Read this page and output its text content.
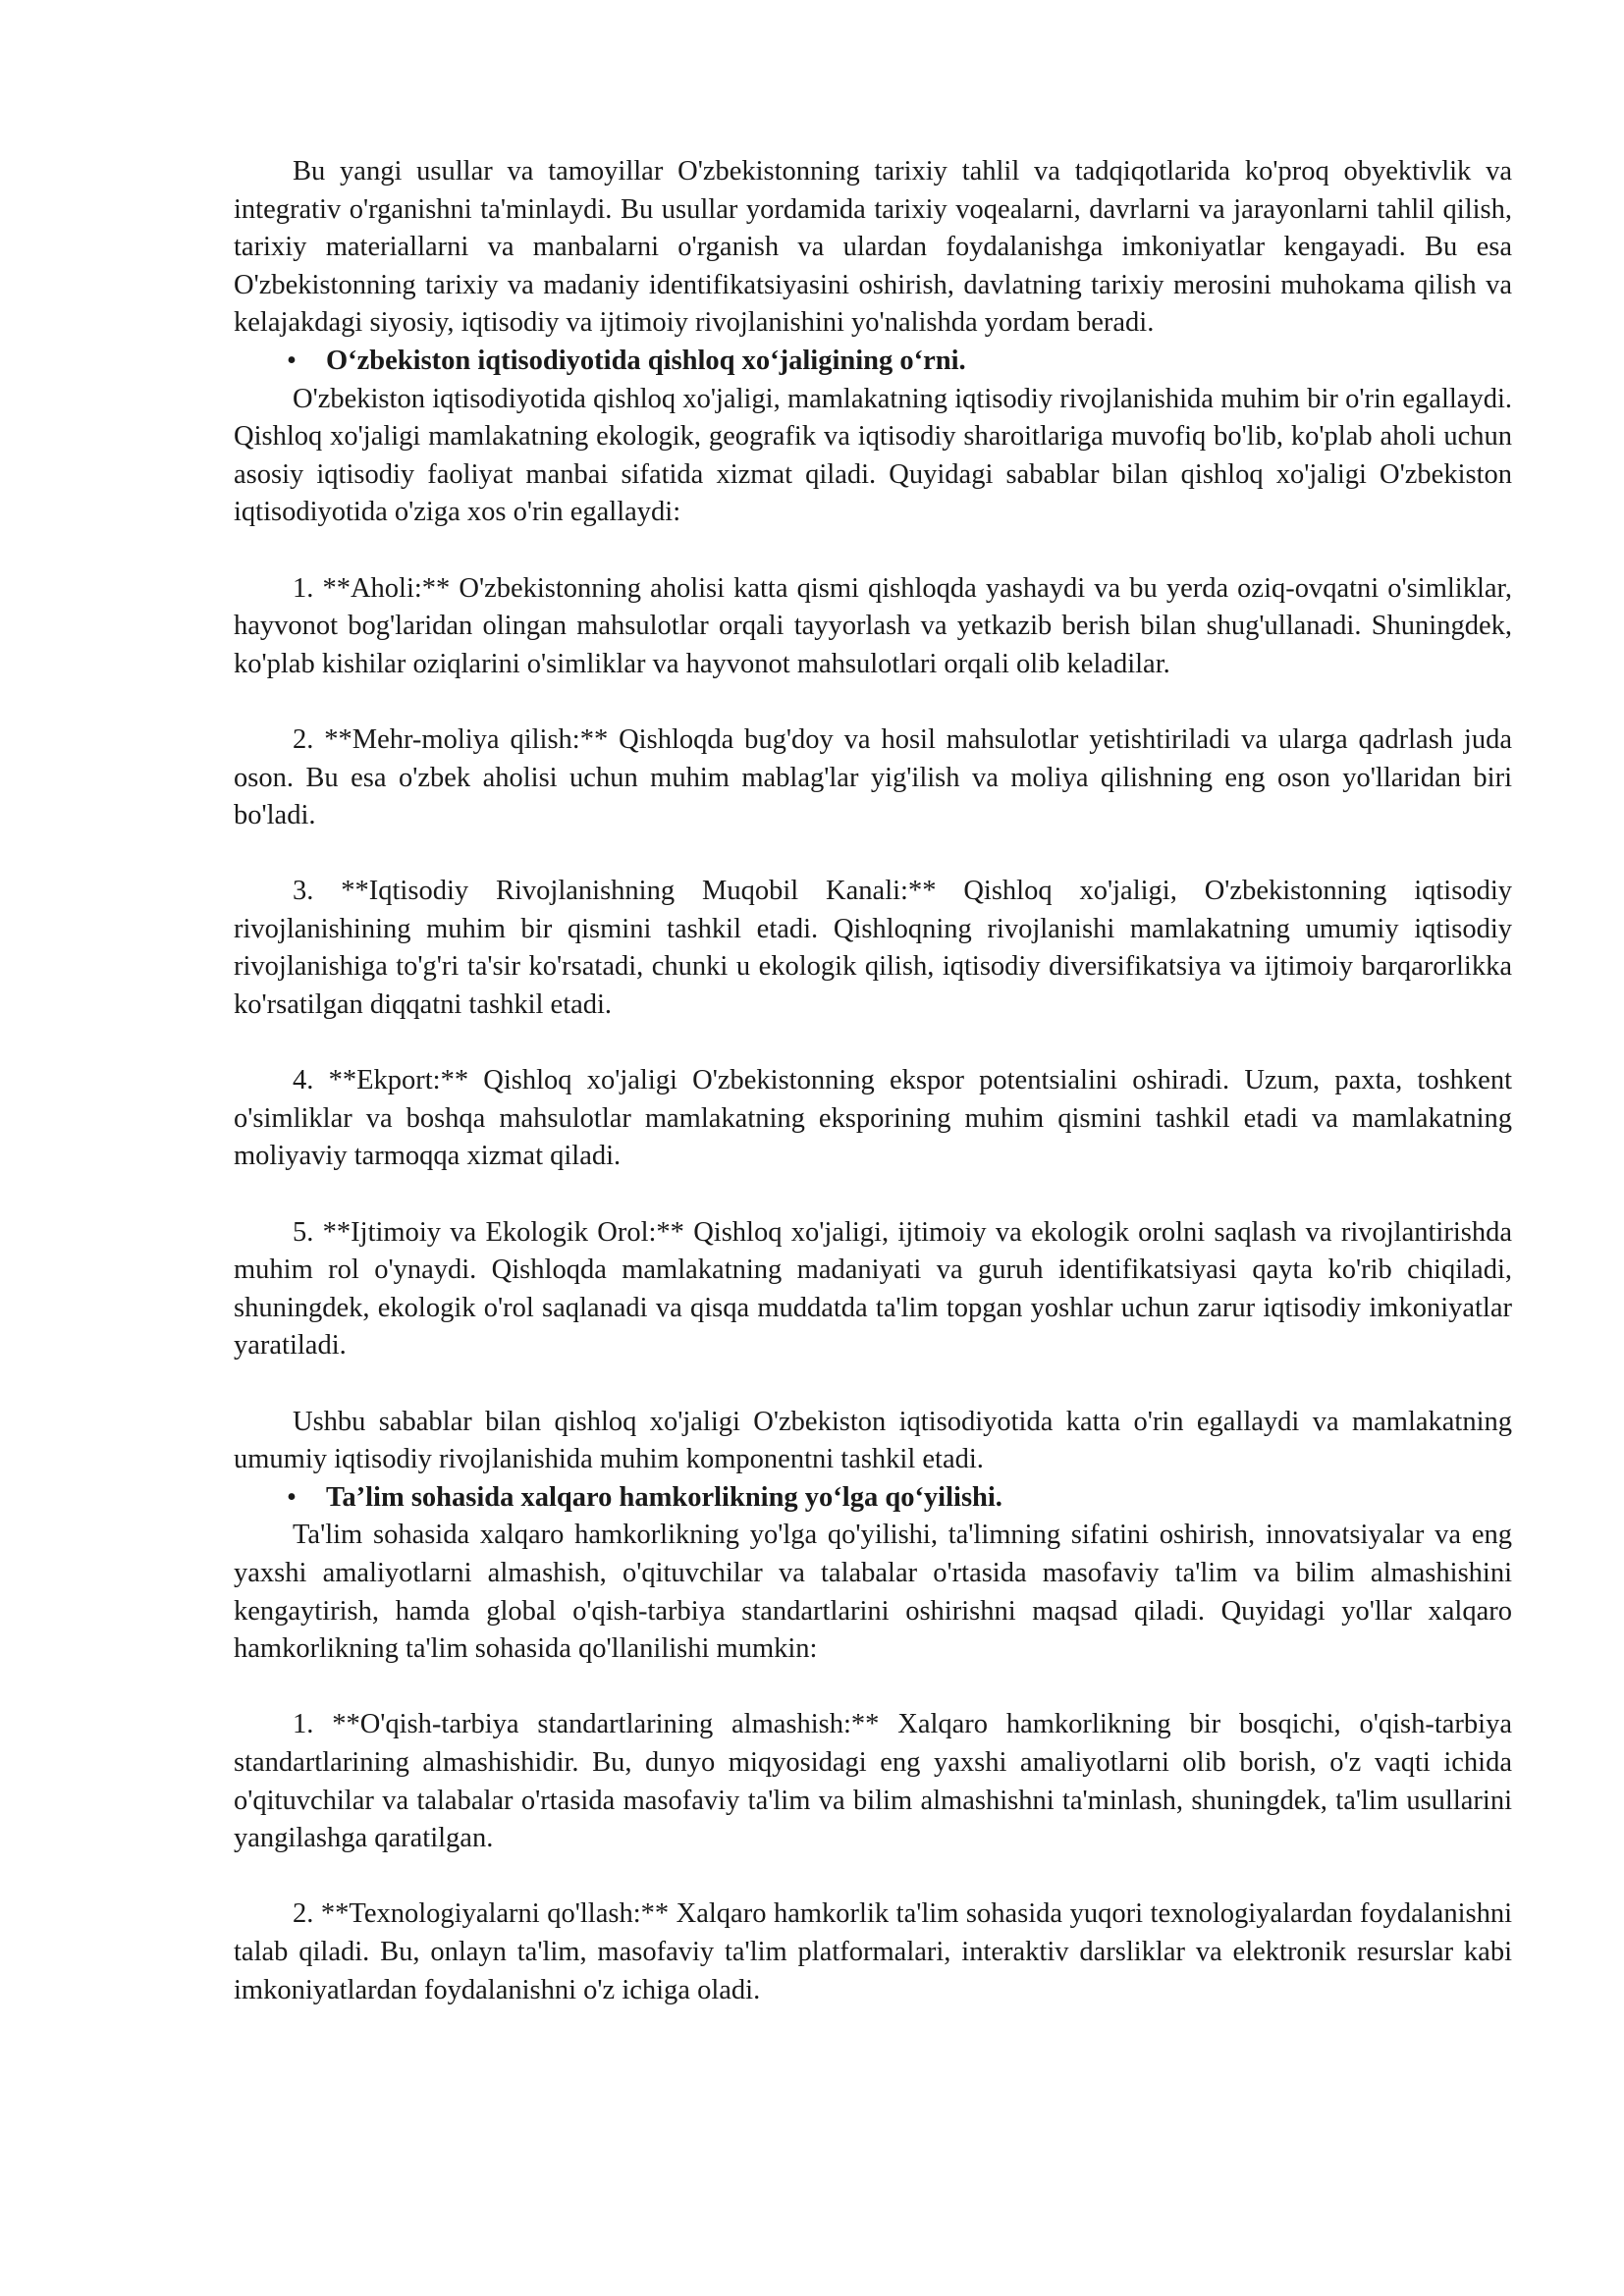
Bu yangi usullar va tamoyillar O'zbekistonning tarixiy tahlil va tadqiqotlarida ko'proq obyektivlik va integrativ o'rganishni ta'minlaydi. Bu usullar yordamida tarixiy voqealarni, davrlarni va jarayonlarni tahlil qilish, tarixiy materiallarni va manbalarni o'rganish va ulardan foydalanishga imkoniyatlar kengayadi. Bu esa O'zbekistonning tarixiy va madaniy identifikatsiyasini oshirish, davlatning tarixiy merosini muhokama qilish va kelajakdagi siyosiy, iqtisodiy va ijtimoiy rivojlanishini yo'nalishda yordam beradi.

• O‘zbekiston iqtisodiyotida qishloq xo‘jaligining o‘rni.

O'zbekiston iqtisodiyotida qishloq xo'jaligi, mamlakatning iqtisodiy rivojlanishida muhim bir o'rin egallaydi. Qishloq xo'jaligi mamlakatning ekologik, geografik va iqtisodiy sharoitlariga muvofiq bo'lib, ko'plab aholi uchun asosiy iqtisodiy faoliyat manbai sifatida xizmat qiladi. Quyidagi sabablar bilan qishloq xo'jaligi O'zbekiston iqtisodiyotida o'ziga xos o'rin egallaydi:

1. **Aholi:** O'zbekistonning aholisi katta qismi qishloqda yashaydi va bu yerda oziq-ovqatni o'simliklar, hayvonot bog'laridan olingan mahsulotlar orqali tayyorlash va yetkazib berish bilan shug'ullanadi. Shuningdek, ko'plab kishilar oziqlarini o'simliklar va hayvonot mahsulotlari orqali olib keladilar.

2. **Mehr-moliya qilish:** Qishloqda bug'doy va hosil mahsulotlar yetishtiriladi va ularga qadrlash juda oson. Bu esa o'zbek aholisi uchun muhim mablag'lar yig'ilish va moliya qilishning eng oson yo'llaridan biri bo'ladi.

3. **Iqtisodiy Rivojlanishning Muqobil Kanali:** Qishloq xo'jaligi, O'zbekistonning iqtisodiy rivojlanishining muhim bir qismini tashkil etadi. Qishloqning rivojlanishi mamlakatning umumiy iqtisodiy rivojlanishiga to'g'ri ta'sir ko'rsatadi, chunki u ekologik qilish, iqtisodiy diversifikatsiya va ijtimoiy barqarorlikka ko'rsatilgan diqqatni tashkil etadi.

4. **Ekport:** Qishloq xo'jaligi O'zbekistonning ekspor potentsialini oshiradi. Uzum, paxta, toshkent o'simliklar va boshqa mahsulotlar mamlakatning eksporining muhim qismini tashkil etadi va mamlakatning moliyaviy tarmoqqa xizmat qiladi.

5. **Ijtimoiy va Ekologik Orol:** Qishloq xo'jaligi, ijtimoiy va ekologik orolni saqlash va rivojlantirishda muhim rol o'ynaydi. Qishloqda mamlakatning madaniyati va guruh identifikatsiyasi qayta ko'rib chiqiladi, shuningdek, ekologik o'rol saqlanadi va qisqa muddatda ta'lim topgan yoshlar uchun zarur iqtisodiy imkoniyatlar yaratiladi.

Ushbu sabablar bilan qishloq xo'jaligi O'zbekiston iqtisodiyotida katta o'rin egallaydi va mamlakatning umumiy iqtisodiy rivojlanishida muhim komponentni tashkil etadi.

• Ta’lim sohasida xalqaro hamkorlikning yo‘lga qo‘yilishi.

Ta'lim sohasida xalqaro hamkorlikning yo'lga qo'yilishi, ta'limning sifatini oshirish, innovatsiyalar va eng yaxshi amaliyotlarni almashish, o'qituvchilar va talabalar o'rtasida masofaviy ta'lim va bilim almashishini kengaytirish, hamda global o'qish-tarbiya standartlarini oshirishni maqsad qiladi. Quyidagi yo'llar xalqaro hamkorlikning ta'lim sohasida qo'llanilishi mumkin:

1. **O'qish-tarbiya standartlarining almashish:** Xalqaro hamkorlikning bir bosqichi, o'qish-tarbiya standartlarining almashishidir. Bu, dunyo miqyosidagi eng yaxshi amaliyotlarni olib borish, o'z vaqti ichida o'qituvchilar va talabalar o'rtasida masofaviy ta'lim va bilim almashishni ta'minlash, shuningdek, ta'lim usullarini yangilashga qaratilgan.

2. **Texnologiyalarni qo'llash:** Xalqaro hamkorlik ta'lim sohasida yuqori texnologiyalardan foydalanishni talab qiladi. Bu, onlayn ta'lim, masofaviy ta'lim platformalari, interaktiv darsliklar va elektronik resurslar kabi imkoniyatlardan foydalanishni o'z ichiga oladi.
